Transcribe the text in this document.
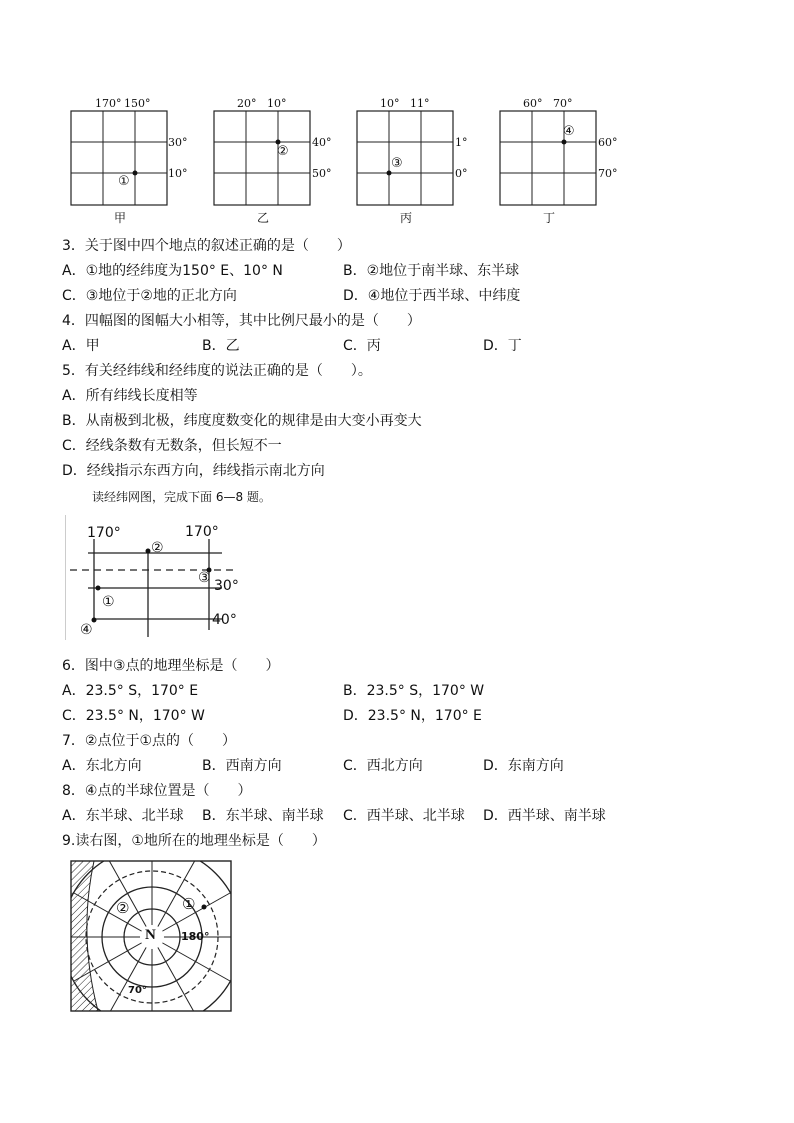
170° 150°
30°
10°
①
甲
20° 10°
40°
50°
②
乙
10° 11°
1°
0°
③
丙
60° 70°
60°
70°
④
丁
3．关于图中四个地点的叙述正确的是（　　）
A．①地的经纬度为150° E、10° N	B．②地位于南半球、东半球
C．③地位于②地的正北方向	D．④地位于西半球、中纬度
4．四幅图的图幅大小相等，其中比例尺最小的是（　　）
A．甲	B．乙	C．丙	D．丁
5．有关经纬线和经纬度的说法正确的是（　　）。
A．所有纬线长度相等
B．从南极到北极，纬度度数变化的规律是由大变小再变大
C．经线条数有无数条，但长短不一
D．经线指示东西方向，纬线指示南北方向
读经纬网图，完成下面 6—8 题。
170°	170°
30°
40°
②
③
①
④
6．图中③点的地理坐标是（　　）
A．23.5° S，170° E	B．23.5° S，170° W
C．23.5° N，170° W	D．23.5° N，170° E
7．②点位于①点的（　　）
A．东北方向	B．西南方向	C．西北方向	D．东南方向
8．④点的半球位置是（　　）
A．东半球、北半球 B．东半球、南半球 C．西半球、北半球 D．西半球、南半球
9.读右图，①地所在的地理坐标是（　　）
N 180°
70°
①
②
